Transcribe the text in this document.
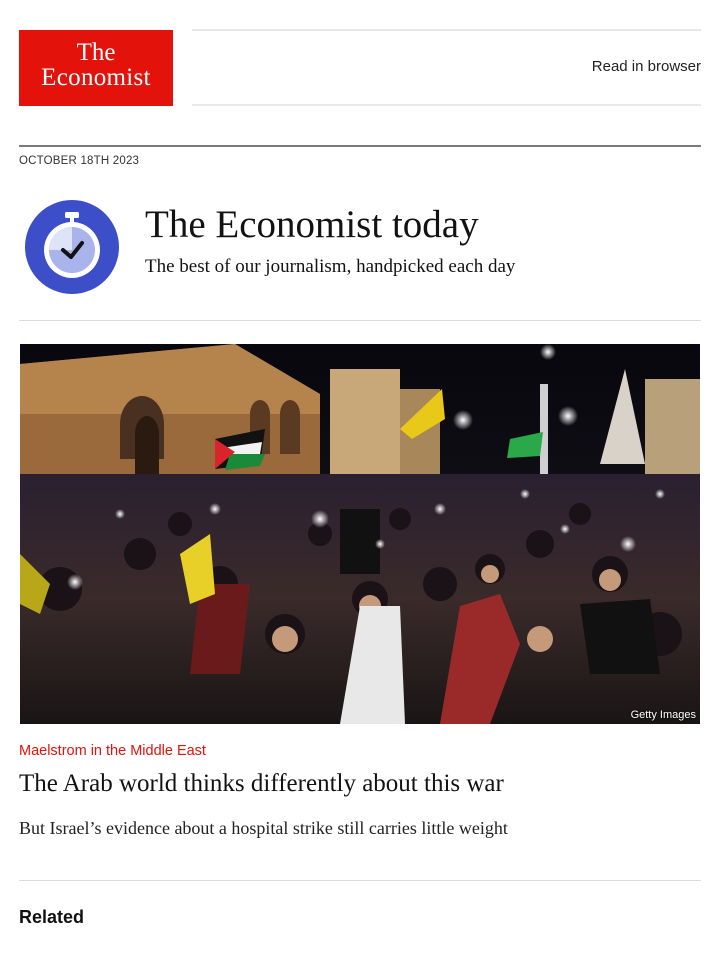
The
Economist	Read in browser
OCTOBER 18TH 2023
The Economist today
The best of our journalism, handpicked each day
Getty Images
Maelstrom in the Middle East
The Arab world thinks differently about this war
But Israel’s evidence about a hospital strike still carries little weight
Related
